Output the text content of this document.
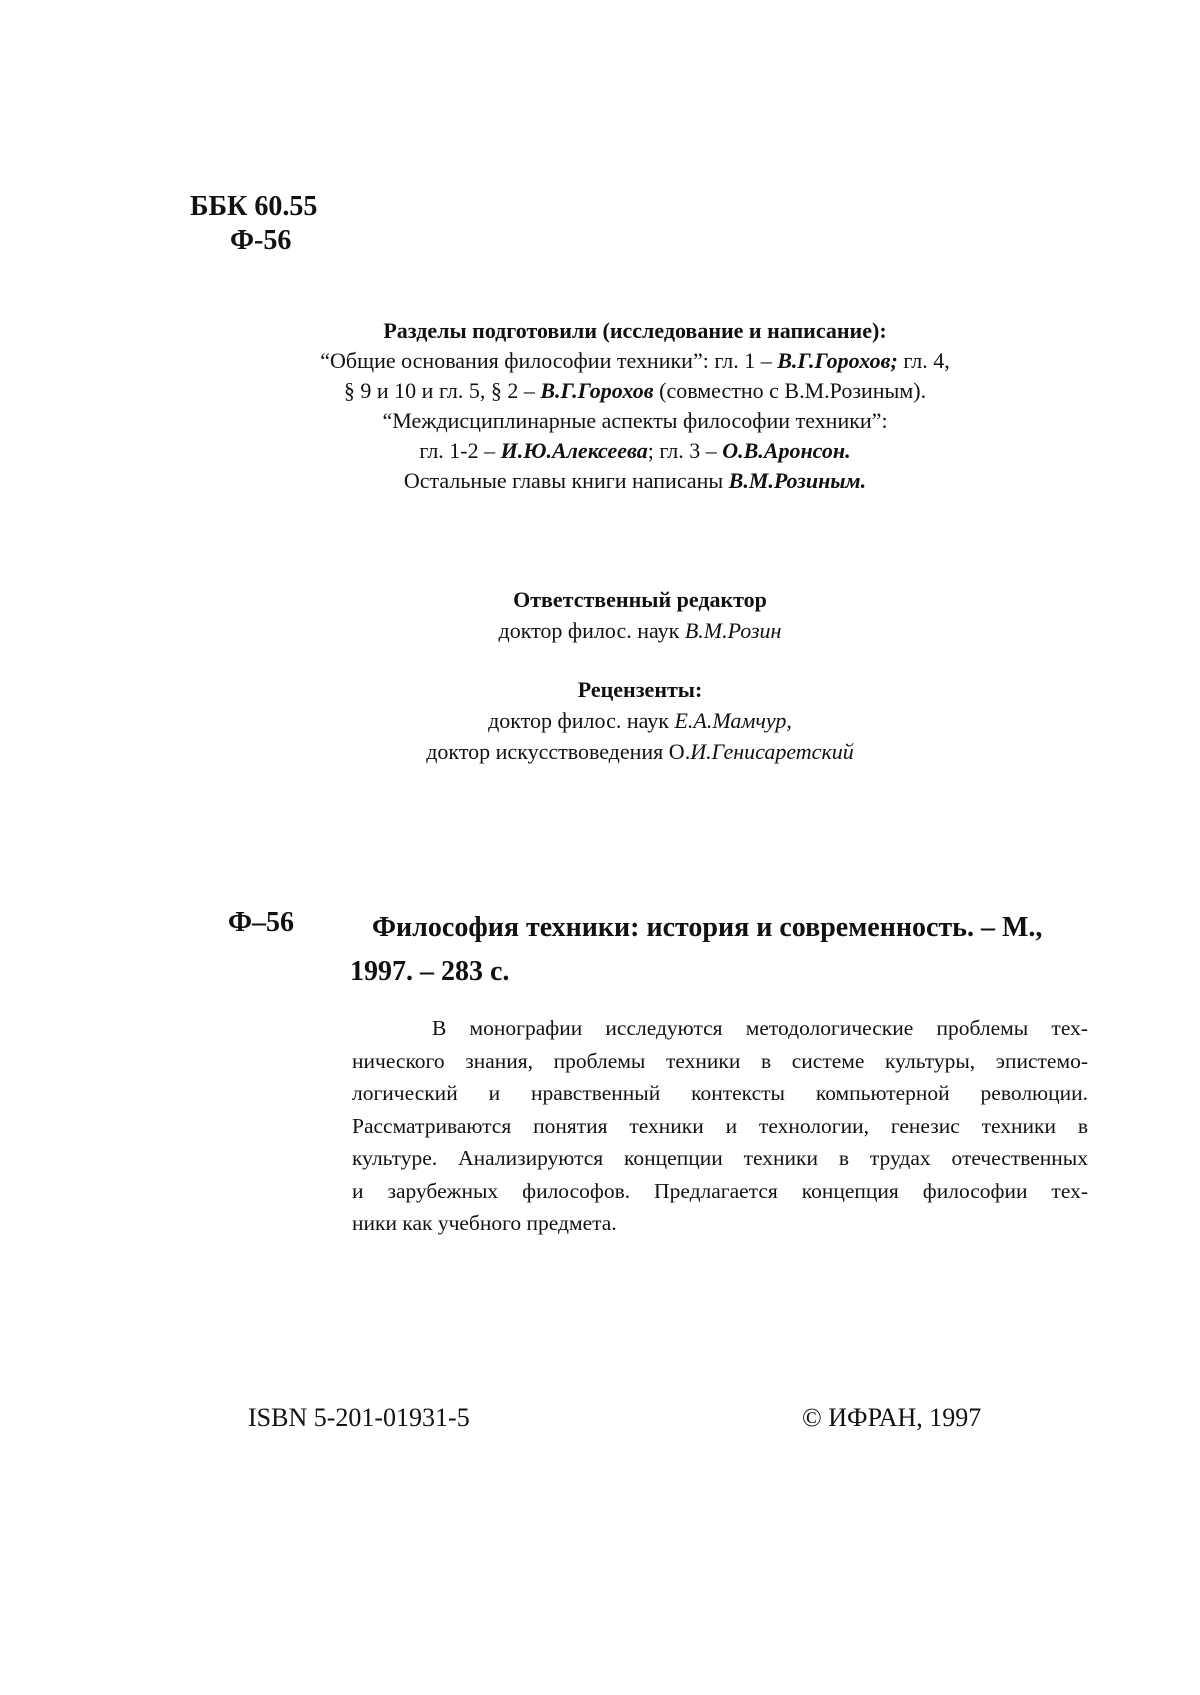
ББК 60.55
Ф-56
Разделы подготовили (исследование и написание):
“Общие основания философии техники”: гл. 1 – В.Г.Горохов; гл. 4,
§ 9 и 10 и гл. 5, § 2 – В.Г.Горохов (совместно с В.М.Розиным).
“Междисциплинарные аспекты философии техники”:
гл. 1-2 – И.Ю.Алексеева; гл. 3 – О.В.Аронсон.
Остальные главы книги написаны В.М.Розиным.
Ответственный редактор
доктор филос. наук В.М.Розин
Рецензенты:
доктор филос. наук Е.А.Мамчур,
доктор искусствоведения О.И.Генисаретский
Ф–56	Философия техники: история и современность. – М.,
1997. – 283 с.
В монографии исследуются методологические проблемы тех-
нического знания, проблемы техники в системе культуры, эпистемо-
логический и нравственный контексты компьютерной революции.
Рассматриваются понятия техники и технологии, генезис техники в
культуре. Анализируются концепции техники в трудах отечественных
и зарубежных философов. Предлагается концепция философии тех-
ники как учебного предмета.
ISBN 5-201-01931-5	© ИФРАН, 1997
